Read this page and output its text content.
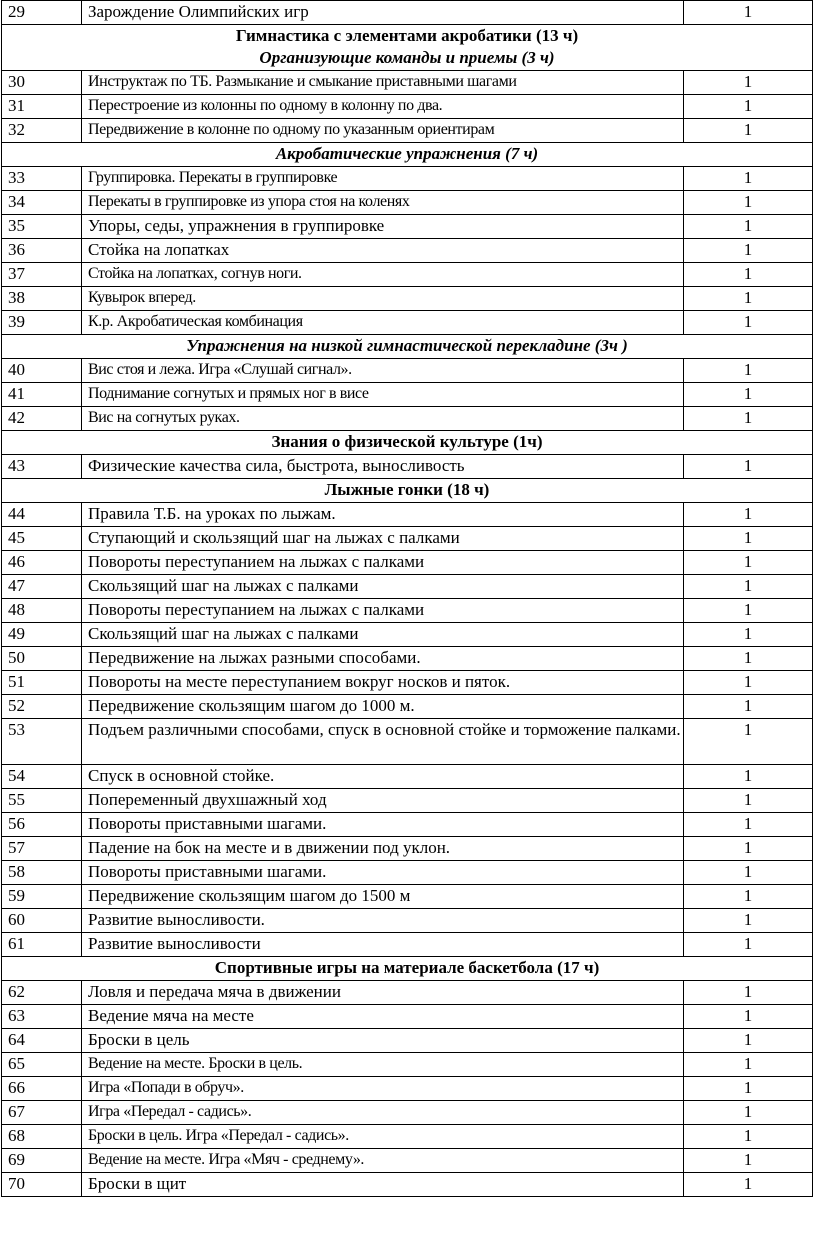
29	Зарождение Олимпийских игр	1

Гимнастика с элементами акробатики (13 ч)
Организующие команды и приемы (3 ч)		

30	Инструктаж по ТБ. Размыкание и смыкание приставными шагами	1
31	Перестроение из колонны по одному в колонну по два.	1
32	Передвижение в колонне по одному по указанным ориентирам	1

Акробатические упражнения (7 ч)		

33	Группировка. Перекаты в группировке	1
34	Перекаты в группировке из упора стоя на коленях	1
35	Упоры, седы, упражнения в группировке	1
36	Стойка на лопатках	1
37	Стойка на лопатках, согнув ноги.	1
38	Кувырок вперед.	1
39	К.р. Акробатическая комбинация	1

Упражнения на низкой гимнастической перекладине (3ч )		

40	Вис стоя и лежа. Игра «Слушай сигнал».	1
41	Поднимание согнутых и прямых ног в висе	1
42	Вис на согнутых руках.	1

Знания о физической культуре (1ч)		

43	Физические качества сила, быстрота, выносливость	1

Лыжные гонки (18 ч)		

44	Правила Т.Б. на уроках по лыжам.	1
45	Ступающий и скользящий шаг на лыжах с палками	1
46	Повороты переступанием на лыжах с палками	1
47	Скользящий шаг на лыжах с палками	1
48	Повороты переступанием на лыжах с палками	1
49	Скользящий шаг на лыжах с палками	1
50	Передвижение на лыжах разными способами.	1
51	Повороты на месте переступанием вокруг носков и пяток.	1
52	Передвижение скользящим шагом до 1000 м.	1
53	Подъем различными способами, спуск в основной стойке и торможение палками.	1
54	Спуск в основной стойке.	1
55	Попеременный двухшажный ход	1
56	Повороты приставными шагами.	1
57	Падение на бок на месте и в движении под уклон.	1
58	Повороты приставными шагами.	1
59	Передвижение скользящим шагом до 1500 м	1
60	Развитие выносливости.	1
61	Развитие выносливости	1

Спортивные игры на материале баскетбола (17 ч)		

62	Ловля и передача мяча в движении	1
63	Ведение мяча на месте	1
64	Броски в цель	1
65	Ведение на месте. Броски в цель.	1
66	Игра «Попади в обруч».	1
67	Игра «Передал - садись».	1
68	Броски в цель. Игра «Передал - садись».	1
69	Ведение на месте. Игра «Мяч - среднему».	1
70	Броски в щит	1
